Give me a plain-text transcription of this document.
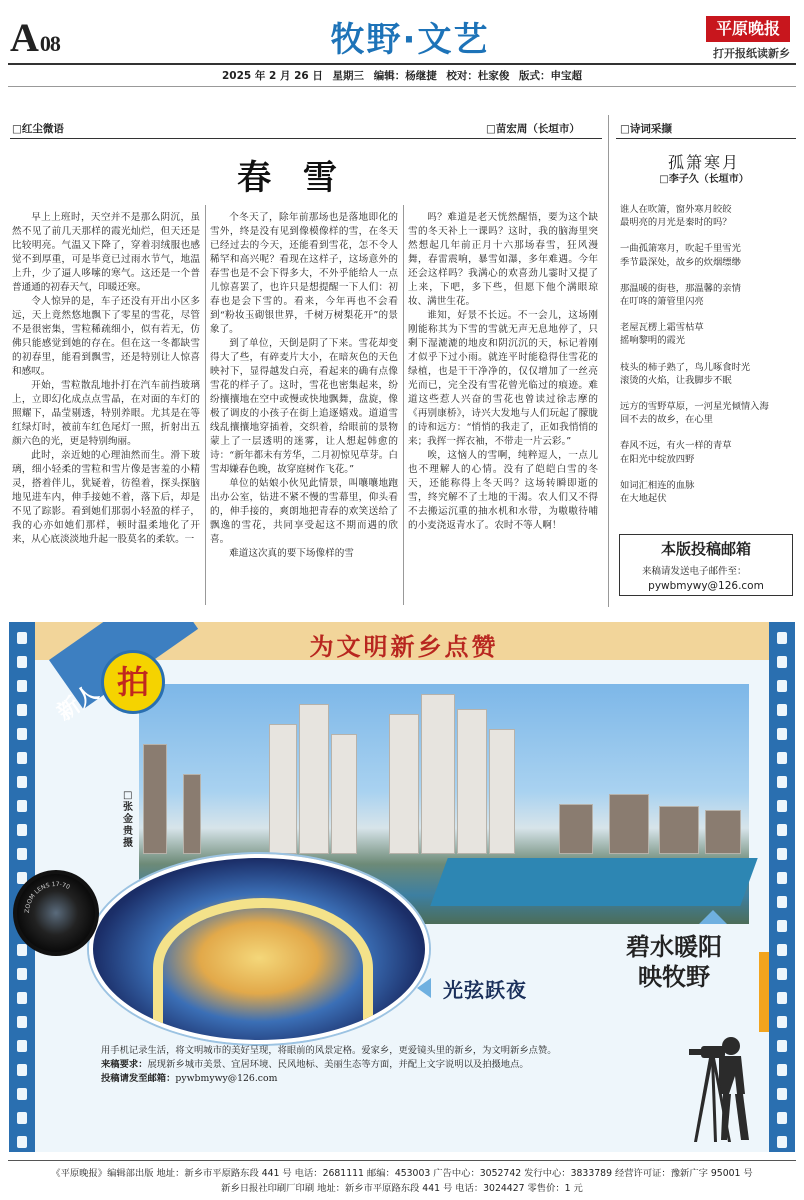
A08	牧野·文艺	平原晚报
打开报纸读新乡
2025 年 2 月 26 日 星期三 编辑：杨继捷 校对：杜家俊 版式：申宝超
□红尘微语	□苗宏周（长垣市）	□诗词采撷
春 雪

早上上班时，天空并不是那么阴沉，虽然不见了前几天那样的霞光灿烂，但天还是比较明亮。气温又下降了，穿着羽绒服也感觉不到厚重，可是毕竟已过雨水节气，地温上升，少了逼人哆嗦的寒气。这还是一个普普通通的初春天气，印暖还寒。

令人惊异的是，车子还没有开出小区多远，天上竟然悠地飘下了零星的雪花，尽管不是很密集，雪粒稀疏细小，似有若无，仿佛只能感觉到她的存在。但在这一冬都缺雪的初春里，能看到飘雪，还是特别让人惊喜和感叹。

开始，雪粒散乱地扑打在汽车前挡玻璃上，立即幻化成点点雪晶，在对面的车灯的照耀下，晶莹剔透，特别养眼。尤其是在等红绿灯时，被前车红色尾灯一照，折射出五颜六色的光，更是特别绚丽。

此时，亲近她的心理油然而生。滑下玻璃，细小轻柔的雪粒和雪片像是害羞的小精灵，搭着伴儿，犹疑着，彷徨着，探头探脑地见进车内，伸手接她不着，落下后，却是不见了踪影。看到她们那弱小轻盈的样子，我的心亦如她们那样，顿时温柔地化了开来，从心底淡淡地升起一股莫名的柔软。一

个冬天了，除年前那场也是落地即化的雪外，终是没有见到像模像样的雪，在冬天已经过去的今天，还能看到雪花，怎不令人稀罕和高兴呢？看现在这样子，这场意外的春雪也是不会下得多大，不外乎能给人一点儿惊喜罢了，也许只是想提醒一下人们：初春也是会下雪的。看来，今年再也不会看到“粉妆玉砌银世界，千树万树梨花开”的景象了。

到了单位，天倒是阴了下来。雪花却变得大了些，有碎麦片大小，在暗灰色的天色映衬下，显得越发白亮，看起来的确有点像雪花的样子了。这时，雪花也密集起来，纷纷攘攘地在空中或慢或快地飘舞，盘旋，像极了调皮的小孩子在街上追逐嬉戏。道道雪线乱攘攘地穿插着，交织着，给眼前的景物蒙上了一层透明的迷雾，让人想起韩愈的诗：“新年都未有芳华，二月初惊见草芽。白雪却嫌春色晚，故穿庭树作飞花。”

单位的姑娘小伙见此情景，叫嚷嚷地跑出办公室，钻进不紧不慢的雪幕里，仰头看的，伸手接的，爽朗地把青春的欢笑送给了飘逸的雪花，共同享受起这不期而遇的欣喜。

难道这次真的要下场像样的雪

吗？难道是老天恍然醒悟，要为这个缺雪的冬天补上一课吗？这时，我的脑海里突然想起几年前正月十六那场春雪，狂风漫舞，春雷震响，暴雪如瀑，多年难遇。今年还会这样吗？我满心的欢喜劲儿霎时又提了上来，下吧，多下些，但愿下他个满眼琼妆、满世生花。

谁知，好景不长远。不一会儿，这场刚刚能称其为下雪的雪就无声无息地停了，只剩下湿漉漉的地皮和阴沉沉的天，标记着刚才似乎下过小雨。就连平时能稳得住雪花的绿植，也是干干净净的，仅仅增加了一丝亮光而已，完全没有雪花曾光临过的痕迹。难道这些惹人兴奋的雪花也曾读过徐志摩的《再别康桥》，诗兴大发地与人们玩起了朦胧的诗和远方：“悄悄的我走了，正如我悄悄的来；我挥一挥衣袖，不带走一片云彩。”

唉，这恼人的雪啊，纯粹逗人，一点儿也不理解人的心情。没有了皑皑白雪的冬天，还能称得上冬天吗？这场转瞬即逝的雪，终究解不了土地的干渴。农人们又不得不去搬运沉重的抽水机和水带，为嗷嗷待哺的小麦浇返青水了。农时不等人啊！

孤箫寒月
□李子久（长垣市）
谁人在吹箫，窗外寒月皎皎
最明亮的月光是秦时的吗？
一曲孤箫寒月，吹起千里雪光
季节最深处，故乡的炊烟缥缈
那温暖的街巷，那温馨的亲情
在叮咚的箫管里闪亮
老屋瓦楞上霜雪枯草
摇响黎明的霞光
枝头的柿子熟了，鸟儿啄食时光
滚烫的火焰，让我脚步不眠
远方的雪野草原，一河星光倾情入海
回不去的故乡，在心里
春风不远，有火一样的青草
在阳光中绽放四野
如词汇相连的血脉
在大地起伏
本版投稿邮箱
来稿请发送电子邮件至：
pywbmywy@126.com
为文明新乡点赞
新人 拍
□张金贵 摄
ZOOM LENS 17-70
光弦跃夜
碧水暖阳
映牧野
用手机记录生活，将文明城市的美好呈现，将眼前的风景定格。爱家乡，更爱镜头里的新乡，为文明新乡点赞。
来稿要求：展现新乡城市美景、宜居环境、民风地标、美丽生态等方面，并配上文字说明以及拍摄地点。
投稿请发至邮箱：pywbmywy@126.com
《平原晚报》编辑部出版 地址：新乡市平原路东段 441 号 电话：2681111 邮编：453003 广告中心：3052742 发行中心：3833789 经营许可证：豫新广字 95001 号
新乡日报社印刷厂印刷 地址：新乡市平原路东段 441 号 电话：3024427 零售价：1 元
